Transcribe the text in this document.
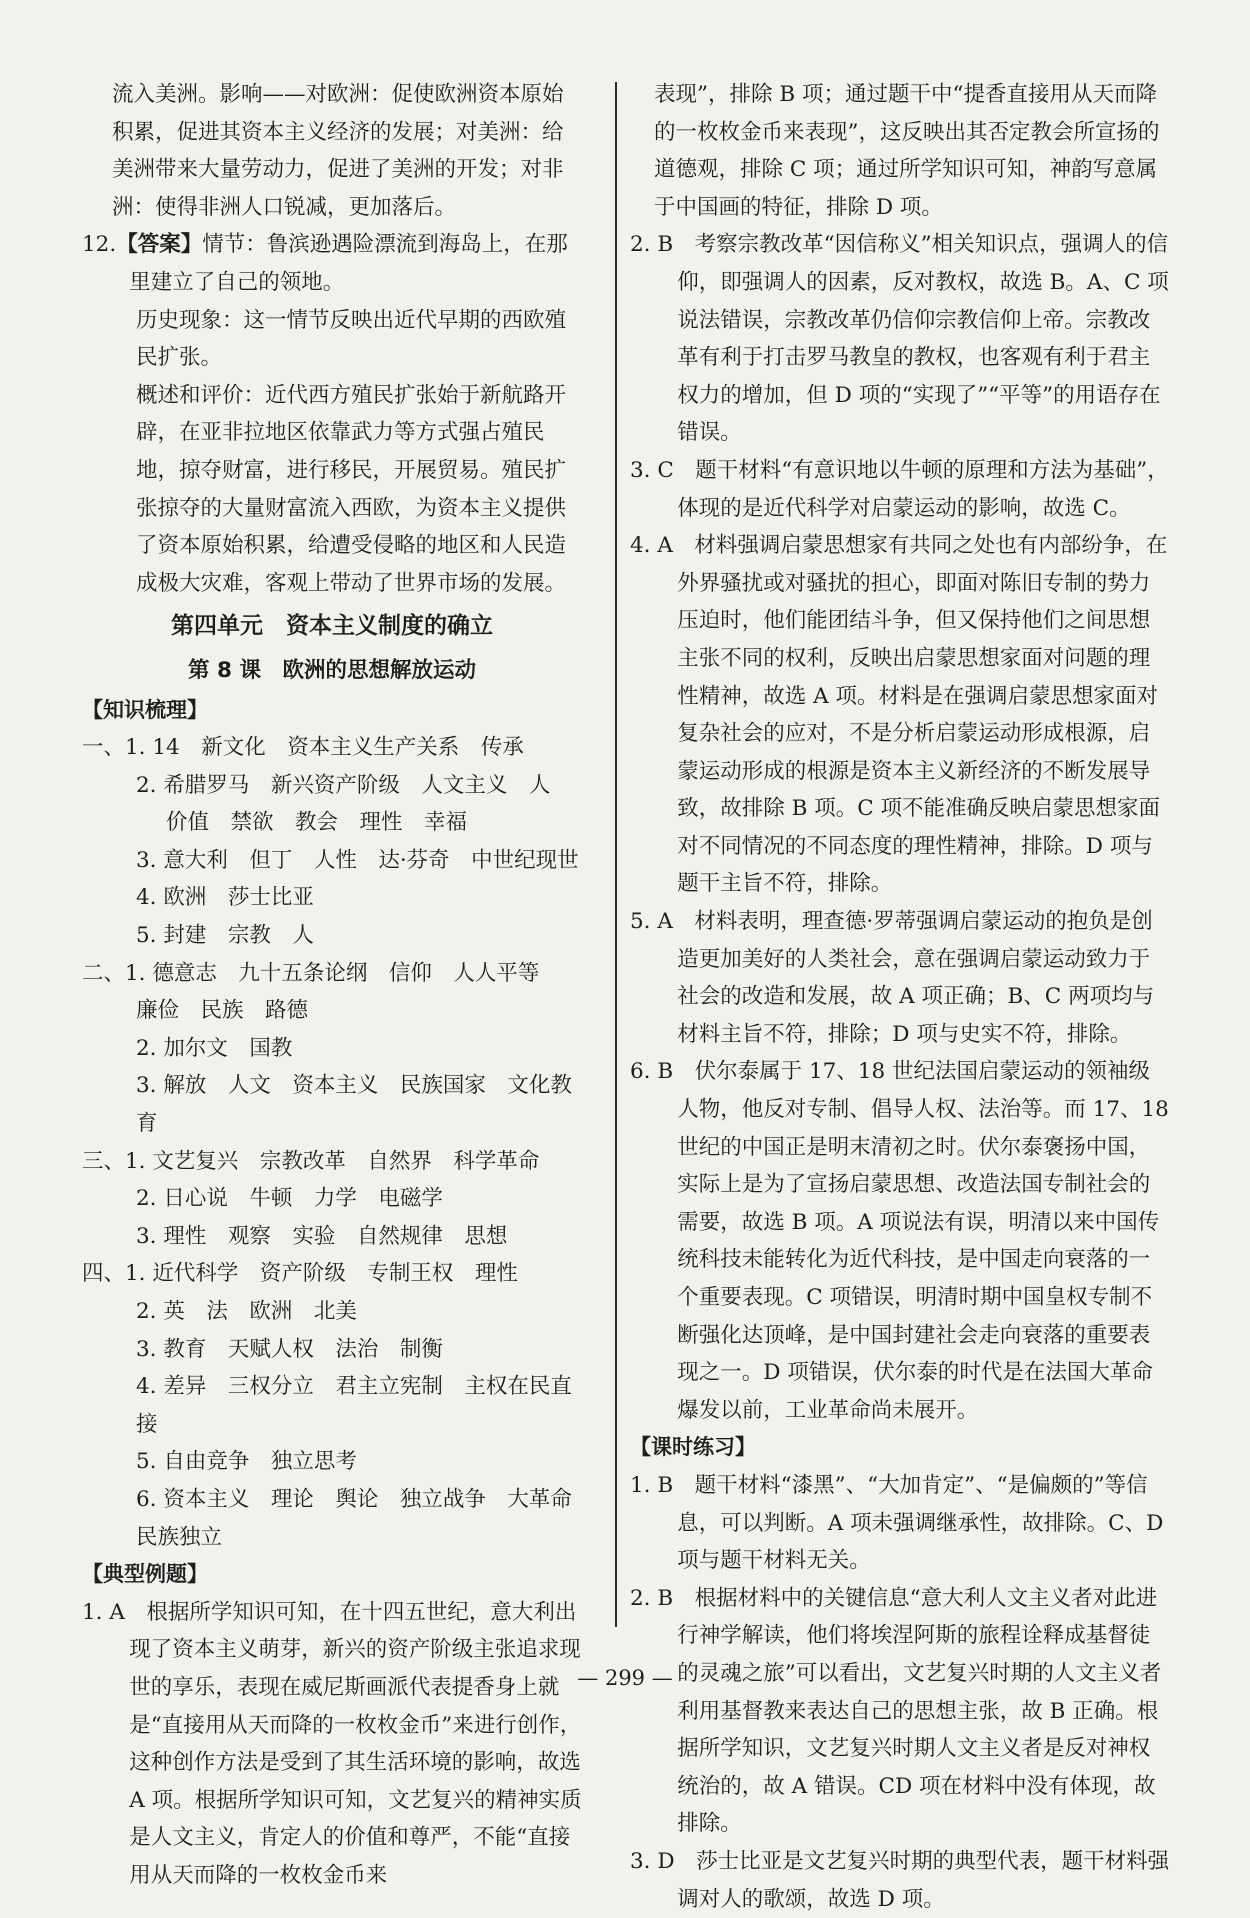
流入美洲。影响——对欧洲：促使欧洲资本原始积累，促进其资本主义经济的发展；对美洲：给美洲带来大量劳动力，促进了美洲的开发；对非洲：使得非洲人口锐减，更加落后。

12.【答案】情节：鲁滨逊遇险漂流到海岛上，在那里建立了自己的领地。

历史现象：这一情节反映出近代早期的西欧殖民扩张。

概述和评价：近代西方殖民扩张始于新航路开辟，在亚非拉地区依靠武力等方式强占殖民地，掠夺财富，进行移民，开展贸易。殖民扩张掠夺的大量财富流入西欧，为资本主义提供了资本原始积累，给遭受侵略的地区和人民造成极大灾难，客观上带动了世界市场的发展。

第四单元　资本主义制度的确立
第 8 课　欧洲的思想解放运动
【知识梳理】

一、1. 14　新文化　资本主义生产关系　传承

2. 希腊罗马　新兴资产阶级　人文主义　人　价值　禁欲　教会　理性　幸福

3. 意大利　但丁　人性　达·芬奇　中世纪现世

4. 欧洲　莎士比亚

5. 封建　宗教　人

二、1. 德意志　九十五条论纲　信仰　人人平等　廉俭　民族　路德

2. 加尔文　国教

3. 解放　人文　资本主义　民族国家　文化教育

三、1. 文艺复兴　宗教改革　自然界　科学革命

2. 日心说　牛顿　力学　电磁学

3. 理性　观察　实验　自然规律　思想

四、1. 近代科学　资产阶级　专制王权　理性

2. 英　法　欧洲　北美

3. 教育　天赋人权　法治　制衡

4. 差异　三权分立　君主立宪制　主权在民直接

5. 自由竞争　独立思考

6. 资本主义　理论　舆论　独立战争　大革命民族独立

【典型例题】

1. A　根据所学知识可知，在十四五世纪，意大利出现了资本主义萌芽，新兴的资产阶级主张追求现世的享乐，表现在威尼斯画派代表提香身上就是“直接用从天而降的一枚枚金币”来进行创作，这种创作方法是受到了其生活环境的影响，故选 A 项。根据所学知识可知，文艺复兴的精神实质是人文主义，肯定人的价值和尊严，不能“直接用从天而降的一枚枚金币来

表现”，排除 B 项；通过题干中“提香直接用从天而降的一枚枚金币来表现”，这反映出其否定教会所宣扬的道德观，排除 C 项；通过所学知识可知，神韵写意属于中国画的特征，排除 D 项。

2. B　考察宗教改革“因信称义”相关知识点，强调人的信仰，即强调人的因素，反对教权，故选 B。A、C 项说法错误，宗教改革仍信仰宗教信仰上帝。宗教改革有利于打击罗马教皇的教权，也客观有利于君主权力的增加，但 D 项的“实现了”“平等”的用语存在错误。

3. C　题干材料“有意识地以牛顿的原理和方法为基础”，体现的是近代科学对启蒙运动的影响，故选 C。

4. A　材料强调启蒙思想家有共同之处也有内部纷争，在外界骚扰或对骚扰的担心，即面对陈旧专制的势力压迫时，他们能团结斗争，但又保持他们之间思想主张不同的权利，反映出启蒙思想家面对问题的理性精神，故选 A 项。材料是在强调启蒙思想家面对复杂社会的应对，不是分析启蒙运动形成根源，启蒙运动形成的根源是资本主义新经济的不断发展导致，故排除 B 项。C 项不能准确反映启蒙思想家面对不同情况的不同态度的理性精神，排除。D 项与题干主旨不符，排除。

5. A　材料表明，理查德·罗蒂强调启蒙运动的抱负是创造更加美好的人类社会，意在强调启蒙运动致力于社会的改造和发展，故 A 项正确；B、C 两项均与材料主旨不符，排除；D 项与史实不符，排除。

6. B　伏尔泰属于 17、18 世纪法国启蒙运动的领袖级人物，他反对专制、倡导人权、法治等。而 17、18 世纪的中国正是明末清初之时。伏尔泰褒扬中国，实际上是为了宣扬启蒙思想、改造法国专制社会的需要，故选 B 项。A 项说法有误，明清以来中国传统科技未能转化为近代科技，是中国走向衰落的一个重要表现。C 项错误，明清时期中国皇权专制不断强化达顶峰，是中国封建社会走向衰落的重要表现之一。D 项错误，伏尔泰的时代是在法国大革命爆发以前，工业革命尚未展开。

【课时练习】

1. B　题干材料“漆黑”、“大加肯定”、“是偏颇的”等信息，可以判断。A 项未强调继承性，故排除。C、D 项与题干材料无关。

2. B　根据材料中的关键信息“意大利人文主义者对此进行神学解读，他们将埃涅阿斯的旅程诠释成基督徒的灵魂之旅”可以看出，文艺复兴时期的人文主义者利用基督教来表达自己的思想主张，故 B 正确。根据所学知识，文艺复兴时期人文主义者是反对神权统治的，故 A 错误。CD 项在材料中没有体现，故排除。

3. D　莎士比亚是文艺复兴时期的典型代表，题干材料强调对人的歌颂，故选 D 项。

— 299 —
